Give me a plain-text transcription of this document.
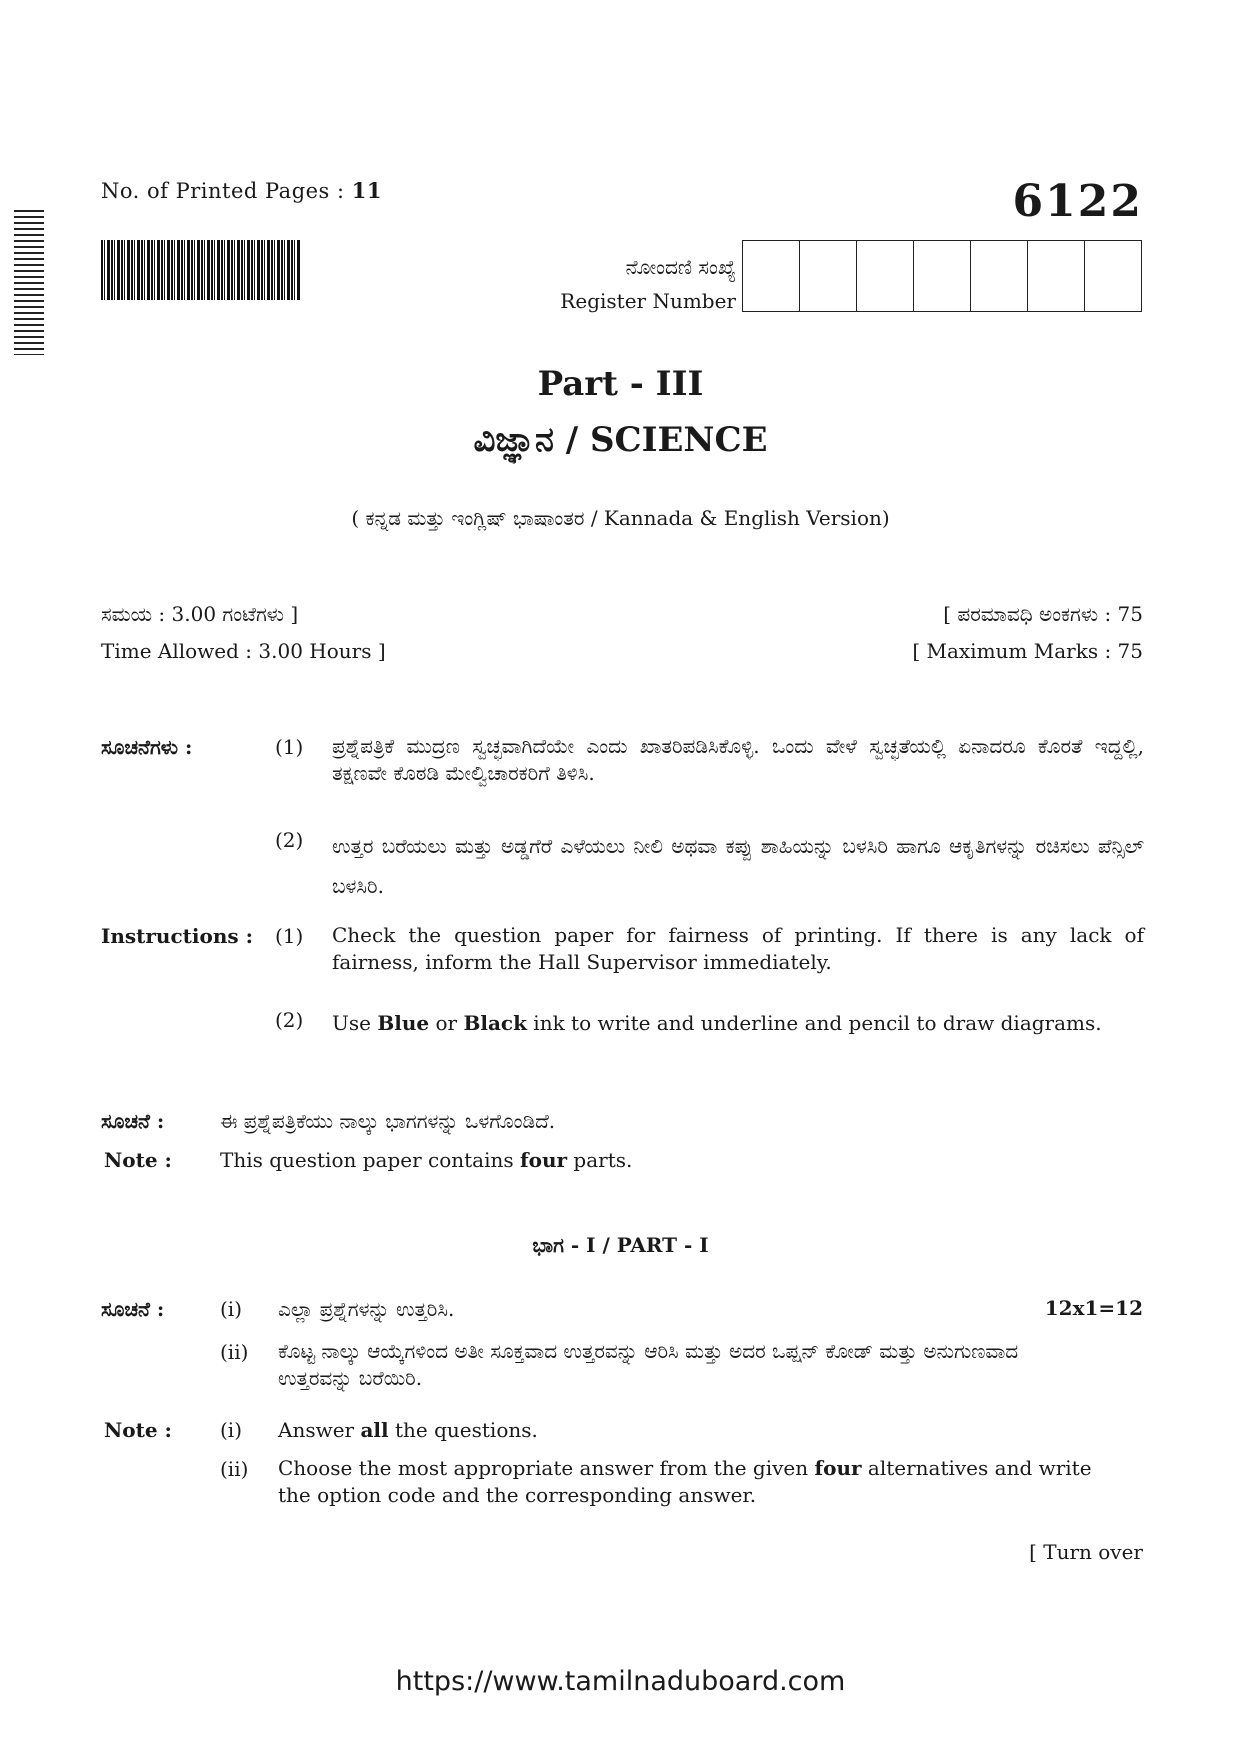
No. of Printed Pages : 11	6122
ನೋಂದಣಿ ಸಂಖ್ಯೆ
Register Number
Part - III
ವಿಜ್ಞಾನ / SCIENCE
( ಕನ್ನಡ ಮತ್ತು ಇಂಗ್ಲಿಷ್ ಭಾಷಾಂತರ / Kannada & English Version)
ಸಮಯ : 3.00 ಗಂಟೆಗಳು ]
Time Allowed : 3.00 Hours ]
[ ಪರಮಾವಧಿ ಅಂಕಗಳು : 75
[ Maximum Marks : 75
ಸೂಚನೆಗಳು :	(1) ಪ್ರಶ್ನೆಪತ್ರಿಕೆ ಮುದ್ರಣ ಸ್ವಚ್ಛವಾಗಿದೆಯೇ ಎಂದು ಖಾತರಿಪಡಿಸಿಕೊಳ್ಳಿ. ಒಂದು ವೇಳೆ ಸ್ವಚ್ಛತೆಯಲ್ಲಿ ಏನಾದರೂ ಕೊರತೆ ಇದ್ದಲ್ಲಿ, ತಕ್ಷಣವೇ ಕೊಠಡಿ ಮೇಲ್ವಿಚಾರಕರಿಗೆ ತಿಳಿಸಿ.
(2) ಉತ್ತರ ಬರೆಯಲು ಮತ್ತು ಅಡ್ಡಗೆರೆ ಎಳೆಯಲು ನೀಲಿ ಅಥವಾ ಕಪ್ಪು ಶಾಹಿಯನ್ನು ಬಳಸಿರಿ ಹಾಗೂ ಆಕೃತಿಗಳನ್ನು ರಚಿಸಲು ಪೆನ್ಸಿಲ್ ಬಳಸಿರಿ.
Instructions : (1) Check the question paper for fairness of printing. If there is any lack of fairness, inform the Hall Supervisor immediately.
(2) Use Blue or Black ink to write and underline and pencil to draw diagrams.
ಸೂಚನೆ :	ಈ ಪ್ರಶ್ನೆಪತ್ರಿಕೆಯು ನಾಲ್ಕು ಭಾಗಗಳನ್ನು ಒಳಗೊಂಡಿದೆ.
Note : This question paper contains four parts.
ಭಾಗ - I / PART - I
ಸೂಚನೆ :	(i) ಎಲ್ಲಾ ಪ್ರಶ್ನೆಗಳನ್ನು ಉತ್ತರಿಸಿ.	12x1=12
(ii) ಕೊಟ್ಟ ನಾಲ್ಕು ಆಯ್ಕೆಗಳಿಂದ ಅತೀ ಸೂಕ್ತವಾದ ಉತ್ತರವನ್ನು ಆರಿಸಿ ಮತ್ತು ಅದರ ಒಪ್ಷನ್ ಕೋಡ್ ಮತ್ತು ಅನುಗುಣವಾದ ಉತ್ತರವನ್ನು ಬರೆಯಿರಿ.
Note : (i) Answer all the questions.
(ii) Choose the most appropriate answer from the given four alternatives and write the option code and the corresponding answer.
[ Turn over
https://www.tamilnaduboard.com
